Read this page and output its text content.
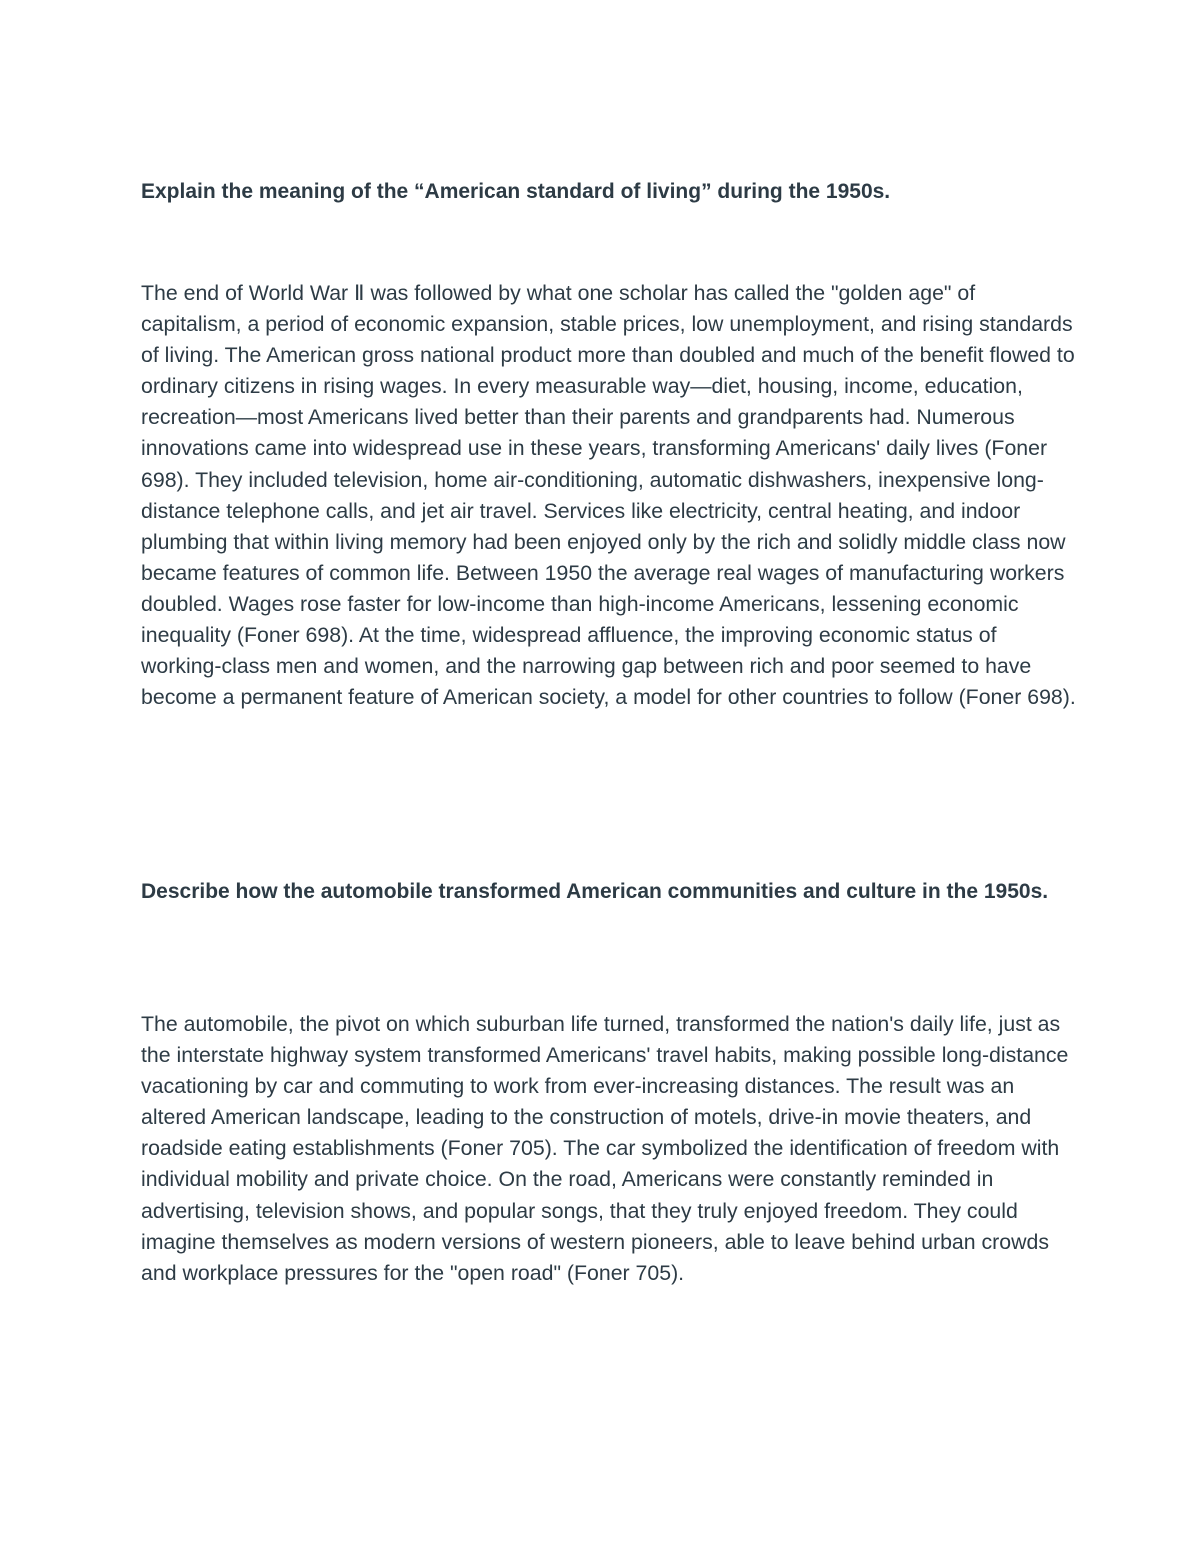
Explain the meaning of the “American standard of living” during the 1950s.

The end of World War Ⅱ was followed by what one scholar has called the "golden age" of capitalism, a period of economic expansion, stable prices, low unemployment, and rising standards of living. The American gross national product more than doubled and much of the benefit flowed to ordinary citizens in rising wages. In every measurable way—diet, housing, income, education, recreation—most Americans lived better than their parents and grandparents had. Numerous innovations came into widespread use in these years, transforming Americans' daily lives (Foner 698). They included television, home air-conditioning, automatic dishwashers, inexpensive long-distance telephone calls, and jet air travel. Services like electricity, central heating, and indoor plumbing that within living memory had been enjoyed only by the rich and solidly middle class now became features of common life. Between 1950 the average real wages of manufacturing workers doubled. Wages rose faster for low-income than high-income Americans, lessening economic inequality (Foner 698). At the time, widespread affluence, the improving economic status of working-class men and women, and the narrowing gap between rich and poor seemed to have become a permanent feature of American society, a model for other countries to follow (Foner 698).

Describe how the automobile transformed American communities and culture in the 1950s.

The automobile, the pivot on which suburban life turned, transformed the nation's daily life, just as the interstate highway system transformed Americans' travel habits, making possible long-distance vacationing by car and commuting to work from ever-increasing distances. The result was an altered American landscape, leading to the construction of motels, drive-in movie theaters, and roadside eating establishments (Foner 705). The car symbolized the identification of freedom with individual mobility and private choice. On the road, Americans were constantly reminded in advertising, television shows, and popular songs, that they truly enjoyed freedom. They could imagine themselves as modern versions of western pioneers, able to leave behind urban crowds and workplace pressures for the "open road" (Foner 705).
